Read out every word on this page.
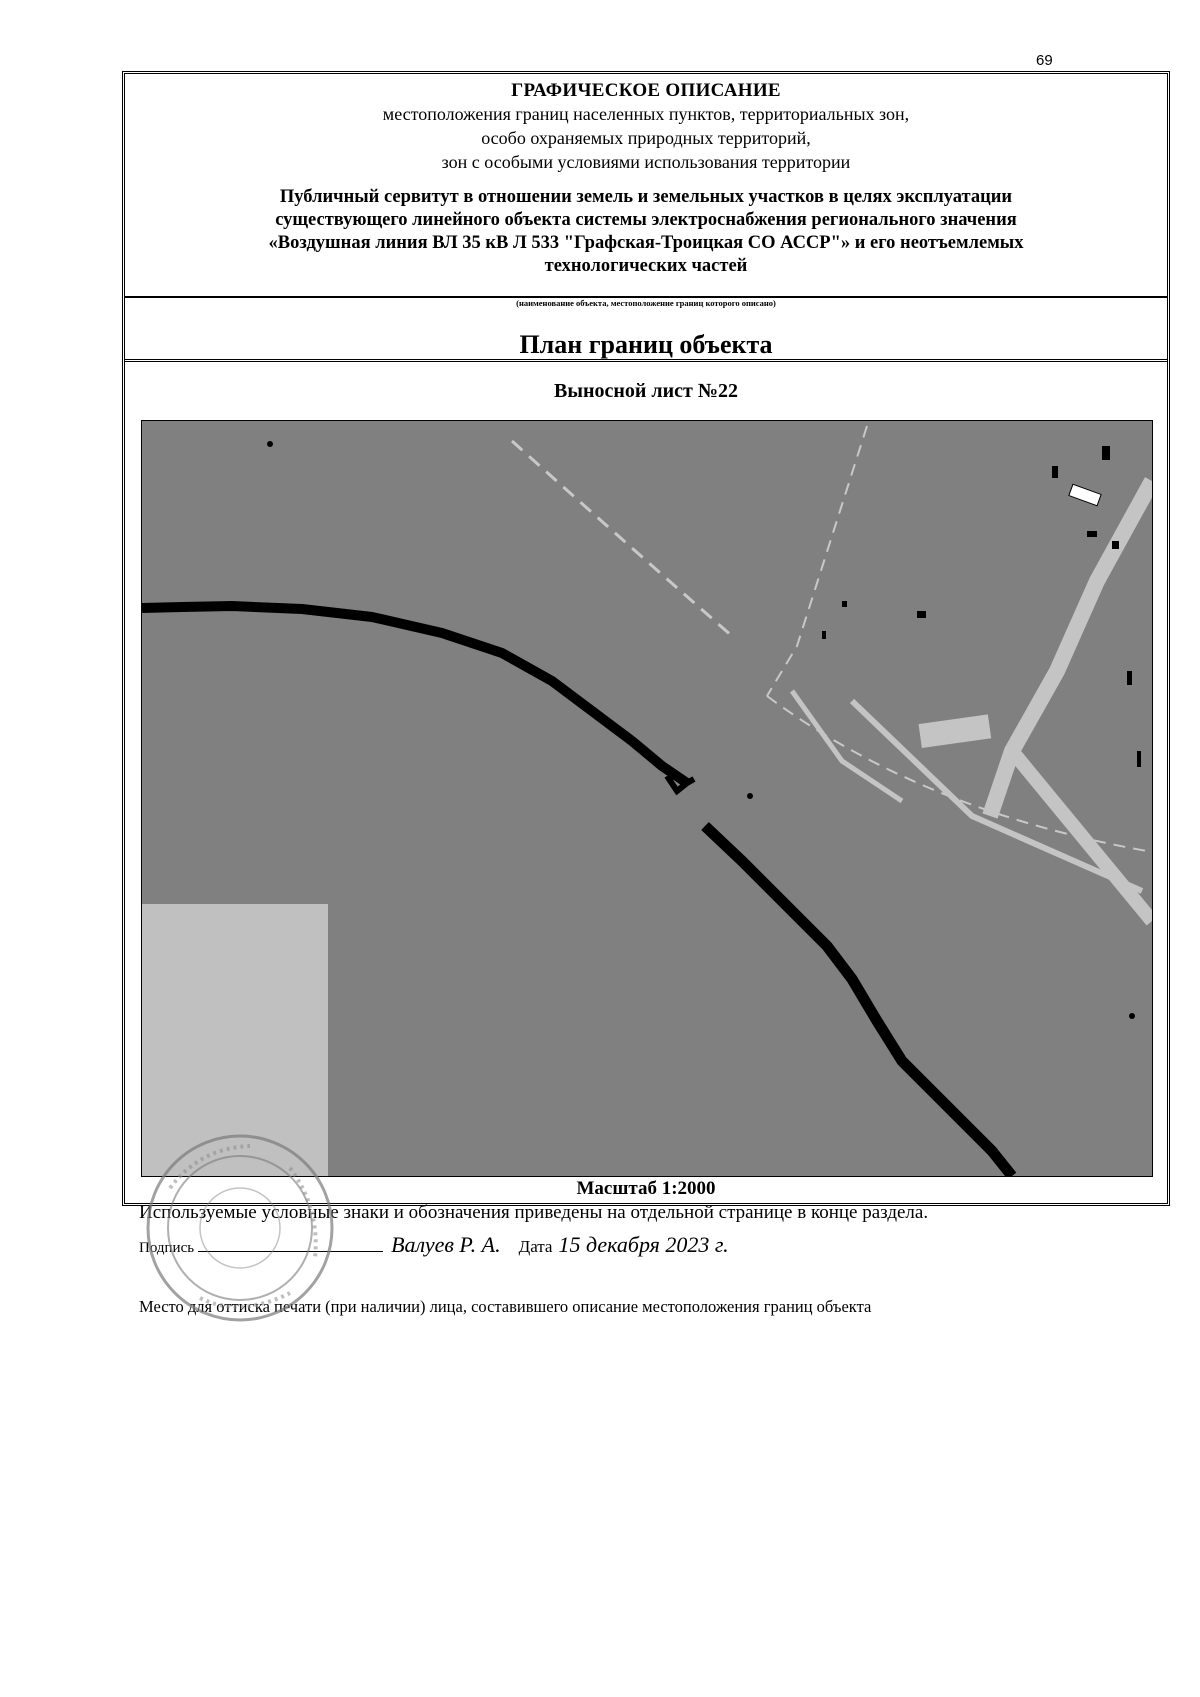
69
ГРАФИЧЕСКОЕ ОПИСАНИЕ
местоположения границ населенных пунктов, территориальных зон,
особо охраняемых природных территорий,
зон с особыми условиями использования территории
Публичный сервитут в отношении земель и земельных участков в целях эксплуатации
существующего линейного объекта системы электроснабжения регионального значения
«Воздушная линия ВЛ 35 кВ Л 533 "Графская-Троицкая СО АССР"» и его неотъемлемых
технологических частей
(наименование объекта, местоположение границ которого описано)
План границ объекта
Выносной лист №22
Масштаб 1:2000
Используемые условные знаки и обозначения приведены на отдельной странице в конце раздела.
Подпись	Валуев Р. А. Дата 15 декабря 2023 г.
Место для оттиска печати (при наличии) лица, составившего описание местоположения границ объекта
